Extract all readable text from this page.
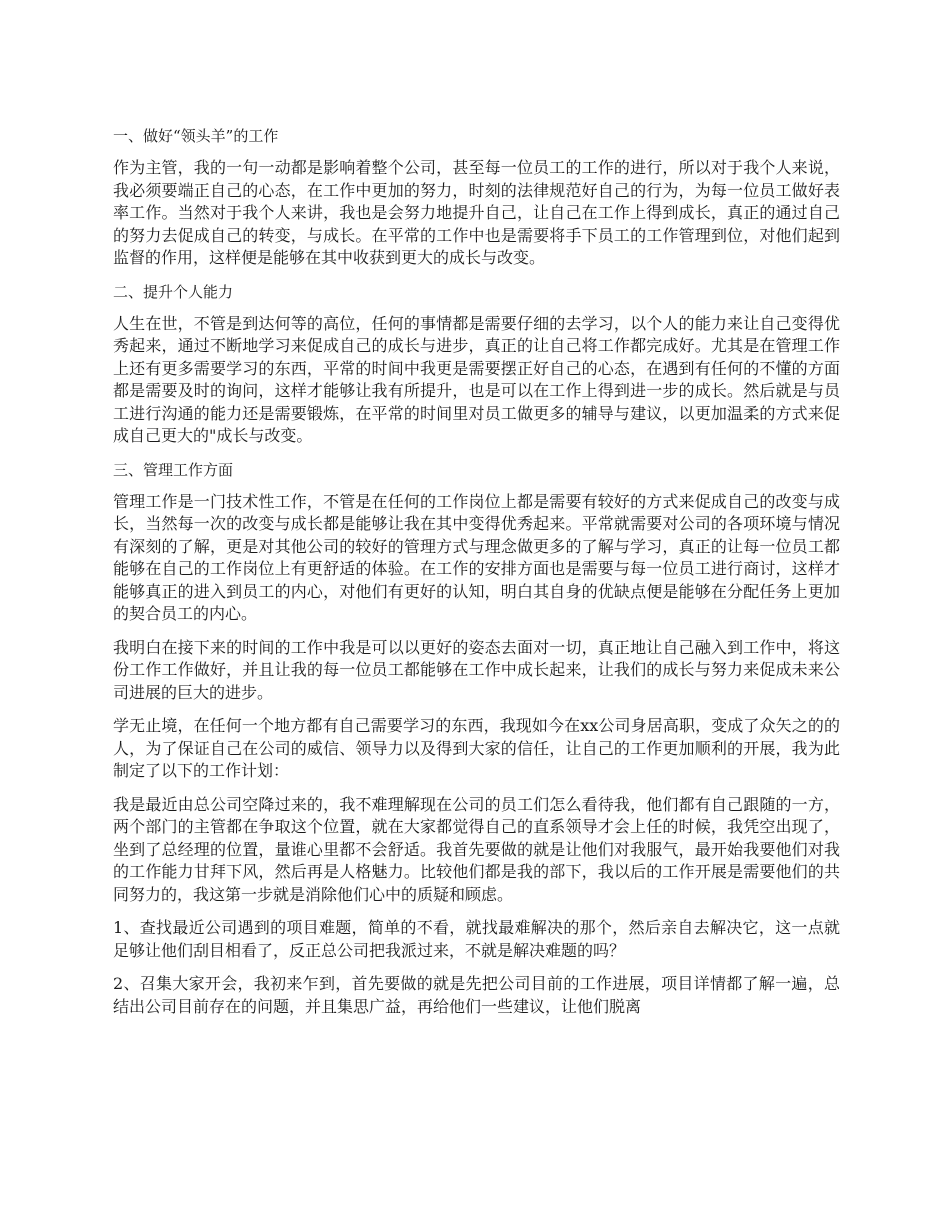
一、做好“领头羊”的工作

作为主管，我的一句一动都是影响着整个公司，甚至每一位员工的工作的进行，所以对于我个人来说，我必须要端正自己的心态，在工作中更加的努力，时刻的法律规范好自己的行为，为每一位员工做好表率工作。当然对于我个人来讲，我也是会努力地提升自己，让自己在工作上得到成长，真正的通过自己的努力去促成自己的转变，与成长。在平常的工作中也是需要将手下员工的工作管理到位，对他们起到监督的作用，这样便是能够在其中收获到更大的成长与改变。

二、提升个人能力

人生在世，不管是到达何等的高位，任何的事情都是需要仔细的去学习，以个人的能力来让自己变得优秀起来，通过不断地学习来促成自己的成长与进步，真正的让自己将工作都完成好。尤其是在管理工作上还有更多需要学习的东西，平常的时间中我更是需要摆正好自己的心态，在遇到有任何的不懂的方面都是需要及时的询问，这样才能够让我有所提升，也是可以在工作上得到进一步的成长。然后就是与员工进行沟通的能力还是需要锻炼，在平常的时间里对员工做更多的辅导与建议，以更加温柔的方式来促成自己更大的"成长与改变。

三、管理工作方面

管理工作是一门技术性工作，不管是在任何的工作岗位上都是需要有较好的方式来促成自己的改变与成长，当然每一次的改变与成长都是能够让我在其中变得优秀起来。平常就需要对公司的各项环境与情况有深刻的了解，更是对其他公司的较好的管理方式与理念做更多的了解与学习，真正的让每一位员工都能够在自己的工作岗位上有更舒适的体验。在工作的安排方面也是需要与每一位员工进行商讨，这样才能够真正的进入到员工的内心，对他们有更好的认知，明白其自身的优缺点便是能够在分配任务上更加的契合员工的内心。

我明白在接下来的时间的工作中我是可以以更好的姿态去面对一切，真正地让自己融入到工作中，将这份工作工作做好，并且让我的每一位员工都能够在工作中成长起来，让我们的成长与努力来促成未来公司进展的巨大的进步。

学无止境，在任何一个地方都有自己需要学习的东西，我现如今在xx公司身居高职，变成了众矢之的的人，为了保证自己在公司的威信、领导力以及得到大家的信任，让自己的工作更加顺利的开展，我为此制定了以下的工作计划：

我是最近由总公司空降过来的，我不难理解现在公司的员工们怎么看待我，他们都有自己跟随的一方，两个部门的主管都在争取这个位置，就在大家都觉得自己的直系领导才会上任的时候，我凭空出现了，坐到了总经理的位置，量谁心里都不会舒适。我首先要做的就是让他们对我服气，最开始我要他们对我的工作能力甘拜下风，然后再是人格魅力。比较他们都是我的部下，我以后的工作开展是需要他们的共同努力的，我这第一步就是消除他们心中的质疑和顾虑。

1、查找最近公司遇到的项目难题，简单的不看，就找最难解决的那个，然后亲自去解决它，这一点就足够让他们刮目相看了，反正总公司把我派过来，不就是解决难题的吗？

2、召集大家开会，我初来乍到，首先要做的就是先把公司目前的工作进展，项目详情都了解一遍，总结出公司目前存在的问题，并且集思广益，再给他们一些建议，让他们脱离
